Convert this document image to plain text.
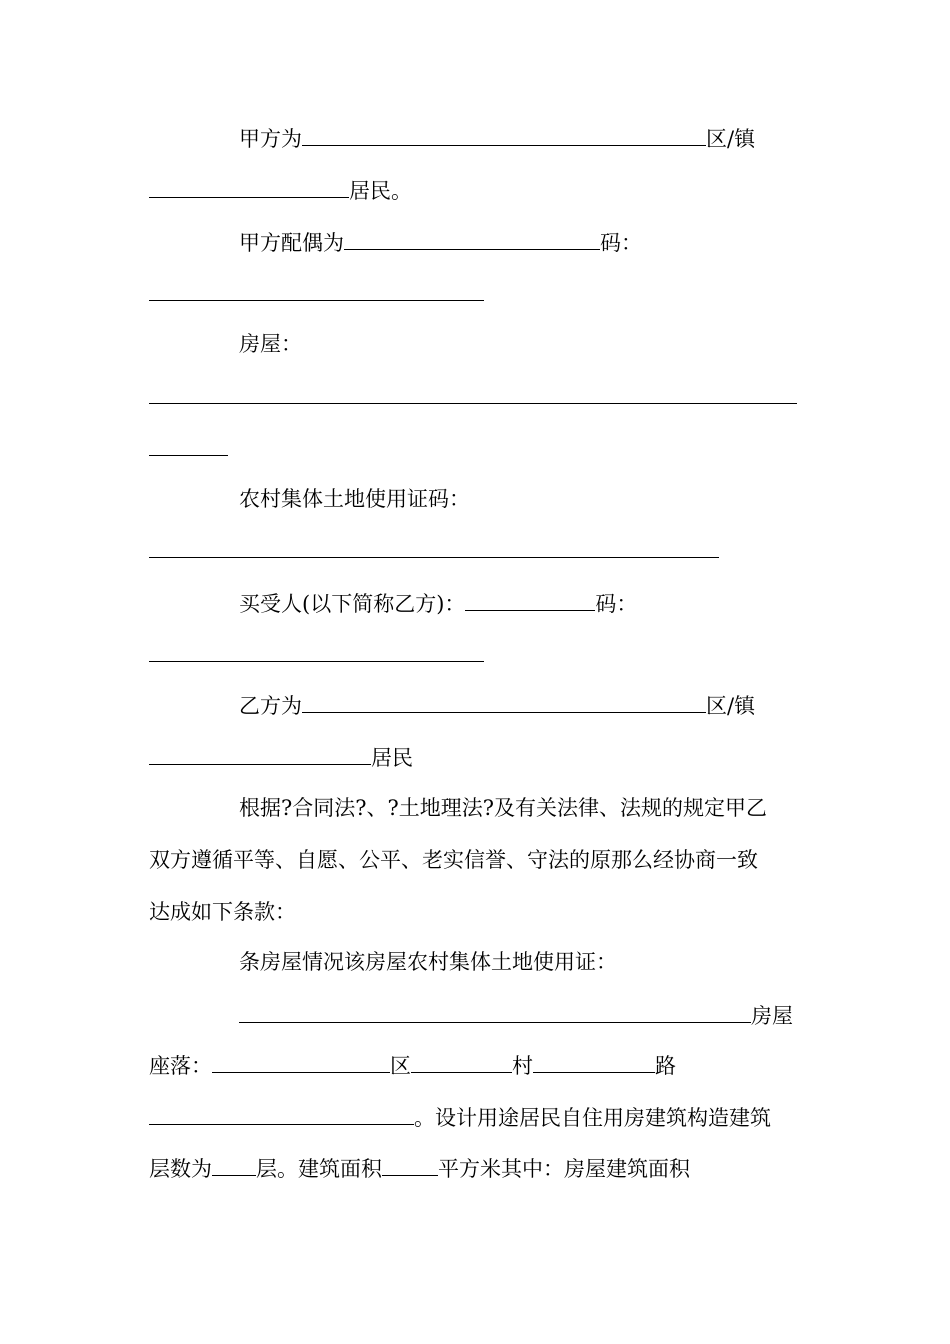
甲方为	区/镇
居民。
甲方配偶为	码：
房屋：
农村集体土地使用证码：
买受人(以下简称乙方)：	码：
乙方为	区/镇
居民
根据?合同法?、?土地理法?及有关法律、法规的规定甲乙
双方遵循平等、自愿、公平、老实信誉、守法的原那么经协商一致
达成如下条款：
条房屋情况该房屋农村集体土地使用证：
房屋
座落：	区	村	路
。设计用途居民自住用房建筑构造建筑
层数为 层。建筑面积	平方米其中：房屋建筑面积
